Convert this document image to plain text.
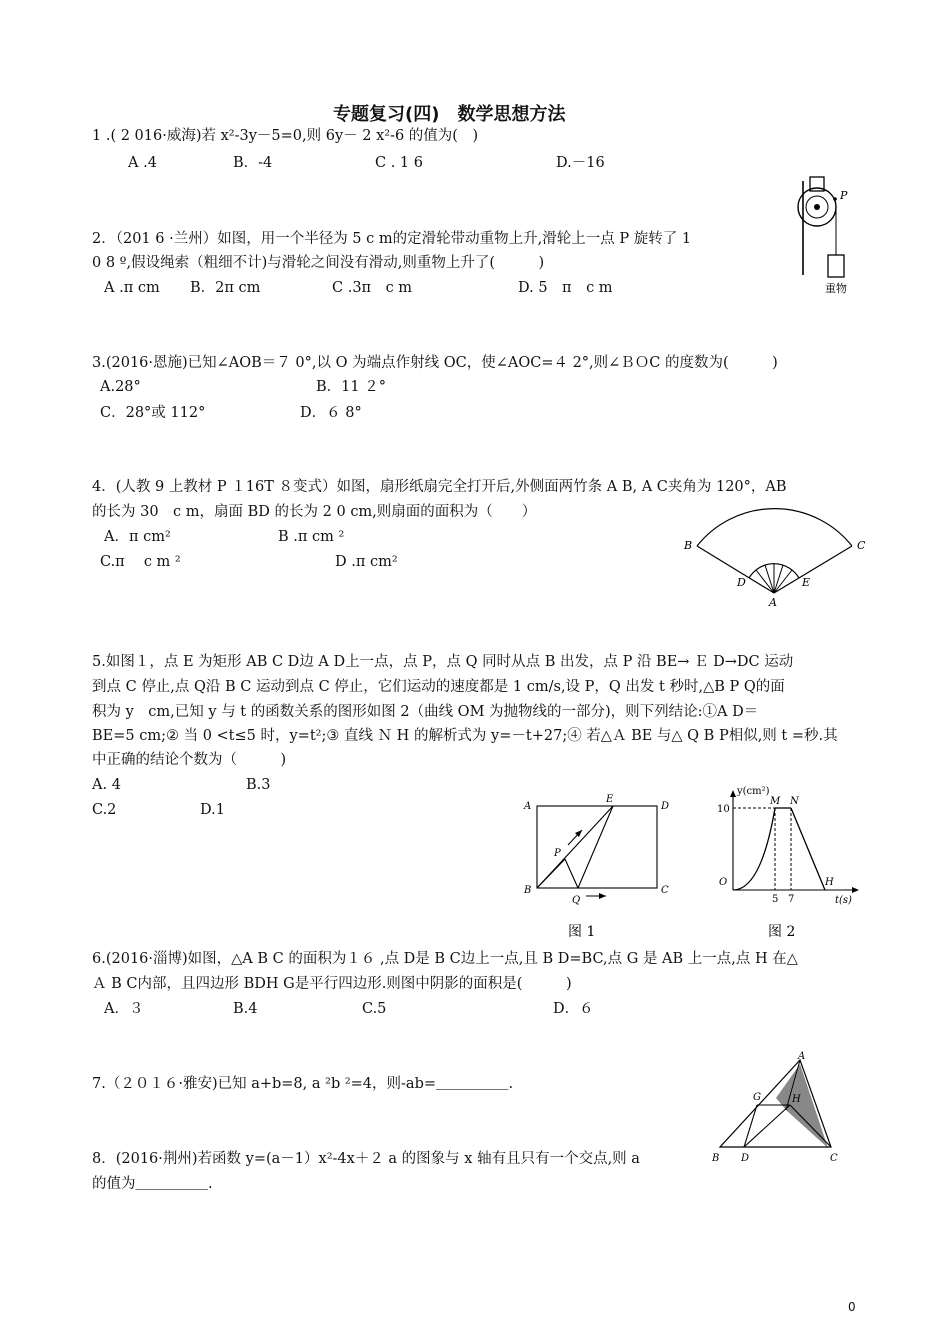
专题复习(四)　数学思想方法
1 .( 2 016·威海)若 x²-3y－5=0,则 6y－ 2 x²-6 的值为(　)
A .4	B．-4	C . 1 6	D.－16
2．（201 6 ·兰州）如图，用一个半径为 5 c m的定滑轮带动重物上升,滑轮上一点 P 旋转了 1
0 8 º,假设绳索（粗细不计)与滑轮之间没有滑动,则重物上升了(　　　)
A .π cm B．2π cm	C .3π　c m	D. 5　π　c m
P
重物
3.(2016·恩施)已知∠AOB＝７ 0°,以 O 为端点作射线 OC，使∠AOC=４ 2°,则∠ＢＯC 的度数为(　　　)
A.28°	B．11 ２°
C．28°或 112°	D．６ 8°
4．(人教 9 上教材 P １16T ８变式）如图，扇形纸扇完全打开后,外侧面两竹条 A B, A C夹角为 120°，AB
的长为 30　c m，扇面 BD 的长为 2 0 cm,则扇面的面积为（　　）
A．π cm²	B .π cm ²
C.π　 c m ²	D .π cm²
B	C
D	E
A
5.如图１，点 E 为矩形 AB C D边 A D上一点，点 P，点 Q 同时从点 B 出发，点 P 沿 BE→ Ｅ D→DC 运动
到点 C 停止,点 Q沿 B C 运动到点 C 停止，它们运动的速度都是 1 cm/s,设 P，Q 出发 t 秒时,△B P Q的面
积为 y　cm,已知 y 与 t 的函数关系的图形如图 2（曲线 OM 为抛物线的一部分)，则下列结论:①A D＝
BE=5 cm;② 当 0 <t≤5 时，y=t²;③ 直线 Ｎ H 的解析式为 y=－t+27;④ 若△Ａ BE 与△ Q B P相似,则 t =秒.其
中正确的结论个数为（　　　)
A. 4	B.3
C.2	D.1	A
E
D
P
B
Q
C
图 1
y(cm²)
10
M N
O
5 7
H
t(s)
图 2
6.(2016·淄博)如图，△A B C 的面积为１６ ,点 D是 B C边上一点,且 B D=BC,点 G 是 AB 上一点,点 H 在△
Ａ B C内部，且四边形 BDH G是平行四边形.则图中阴影的面积是(　　　)
A．３	B.4	C.5	D．６
A
G	H
B D	C
7.（２０１６·雅安)已知 a+b=8, a ²b ²=4，则-ab=＿＿＿＿＿.
8．(2016·荆州)若函数 y=(a－1）x²-4x＋２ a 的图象与 x 轴有且只有一个交点,则 a
的值为＿＿＿＿＿.
0
